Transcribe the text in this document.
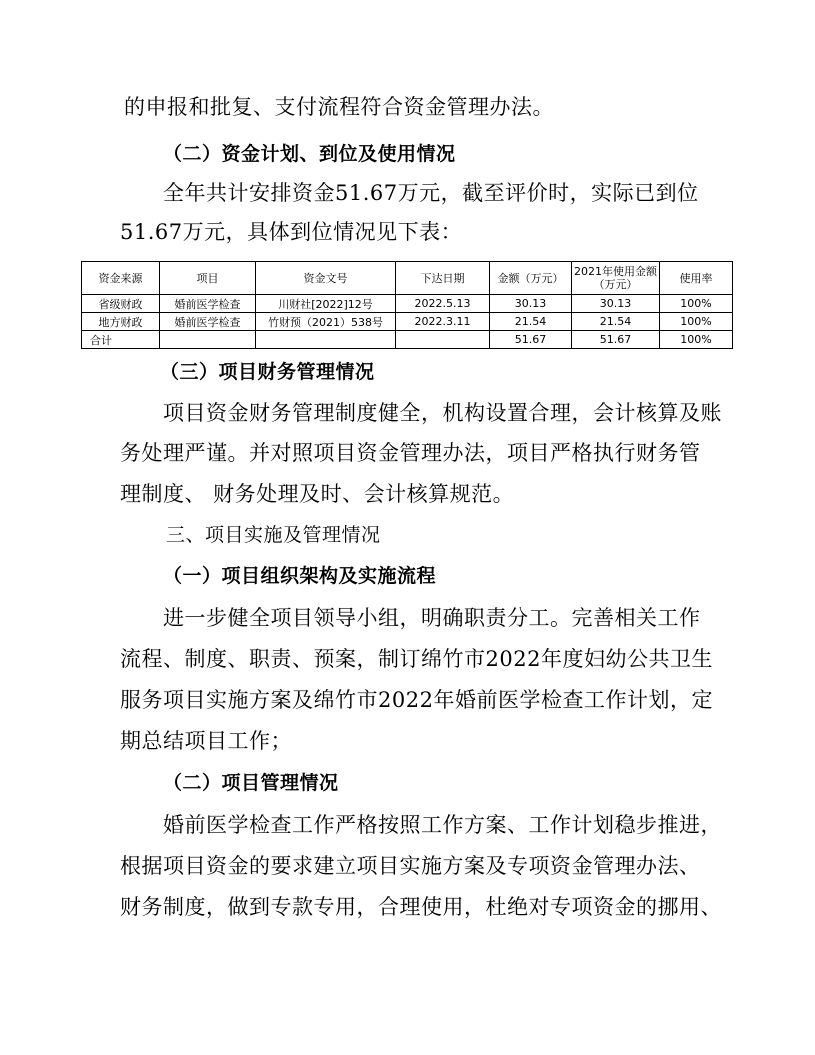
的申报和批复、支付流程符合资金管理办法。
（二）资金计划、到位及使用情况
全年共计安排资金51.67万元，截至评价时，实际已到位
51.67万元，具体到位情况见下表：
资金来源	项目	资金文号	下达日期	金额（万元）	2021年使用金额（万元）	使用率
省级财政	婚前医学检查	川财社[2022]12号	2022.5.13	30.13	30.13	100%
地方财政	婚前医学检查	竹财预（2021）538号	2022.3.11	21.54	21.54	100%
合计				51.67	51.67	100%
（三）项目财务管理情况
项目资金财务管理制度健全，机构设置合理，会计核算及账
务处理严谨。并对照项目资金管理办法，项目严格执行财务管
理制度、 财务处理及时、会计核算规范。
三、项目实施及管理情况
（一）项目组织架构及实施流程
进一步健全项目领导小组，明确职责分工。完善相关工作
流程、制度、职责、预案，制订绵竹市2022年度妇幼公共卫生
服务项目实施方案及绵竹市2022年婚前医学检查工作计划，定
期总结项目工作；
（二）项目管理情况
婚前医学检查工作严格按照工作方案、工作计划稳步推进，
根据项目资金的要求建立项目实施方案及专项资金管理办法、
财务制度，做到专款专用，合理使用，杜绝对专项资金的挪用、
